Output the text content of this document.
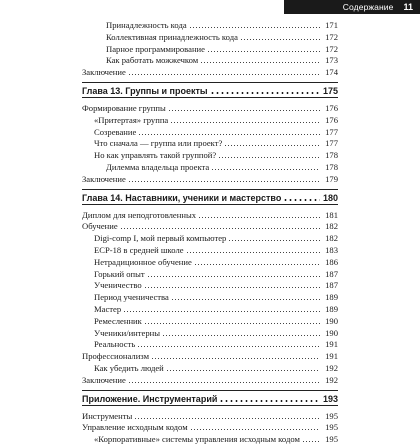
Содержание 11
Принадлежность кода	171
Коллективная принадлежность кода	172
Парное программирование	172
Как работать можжечком	173
Заключение	174
Глава 13. Группы и проекты	175
Формирование группы	176
«Притертая» группа	176
Созревание	177
Что сначала — группа или проект?	177
Но как управлять такой группой?	178
Дилемма владельца проекта	178
Заключение	179
Глава 14. Наставники, ученики и мастерство	180
Диплом для неподготовленных	181
Обучение	182
Digi-comp I, мой первый компьютер	182
ECP-18 в средней школе	183
Нетрадиционное обучение	186
Горький опыт	187
Ученичество	187
Период ученичества	189
Мастер	189
Ремесленник	190
Ученики/интерны	190
Реальность	191
Профессионализм	191
Как убедить людей	192
Заключение	192
Приложение. Инструментарий	193
Инструменты	195
Управление исходным кодом	195
«Корпоративные» системы управления исходным кодом	195
